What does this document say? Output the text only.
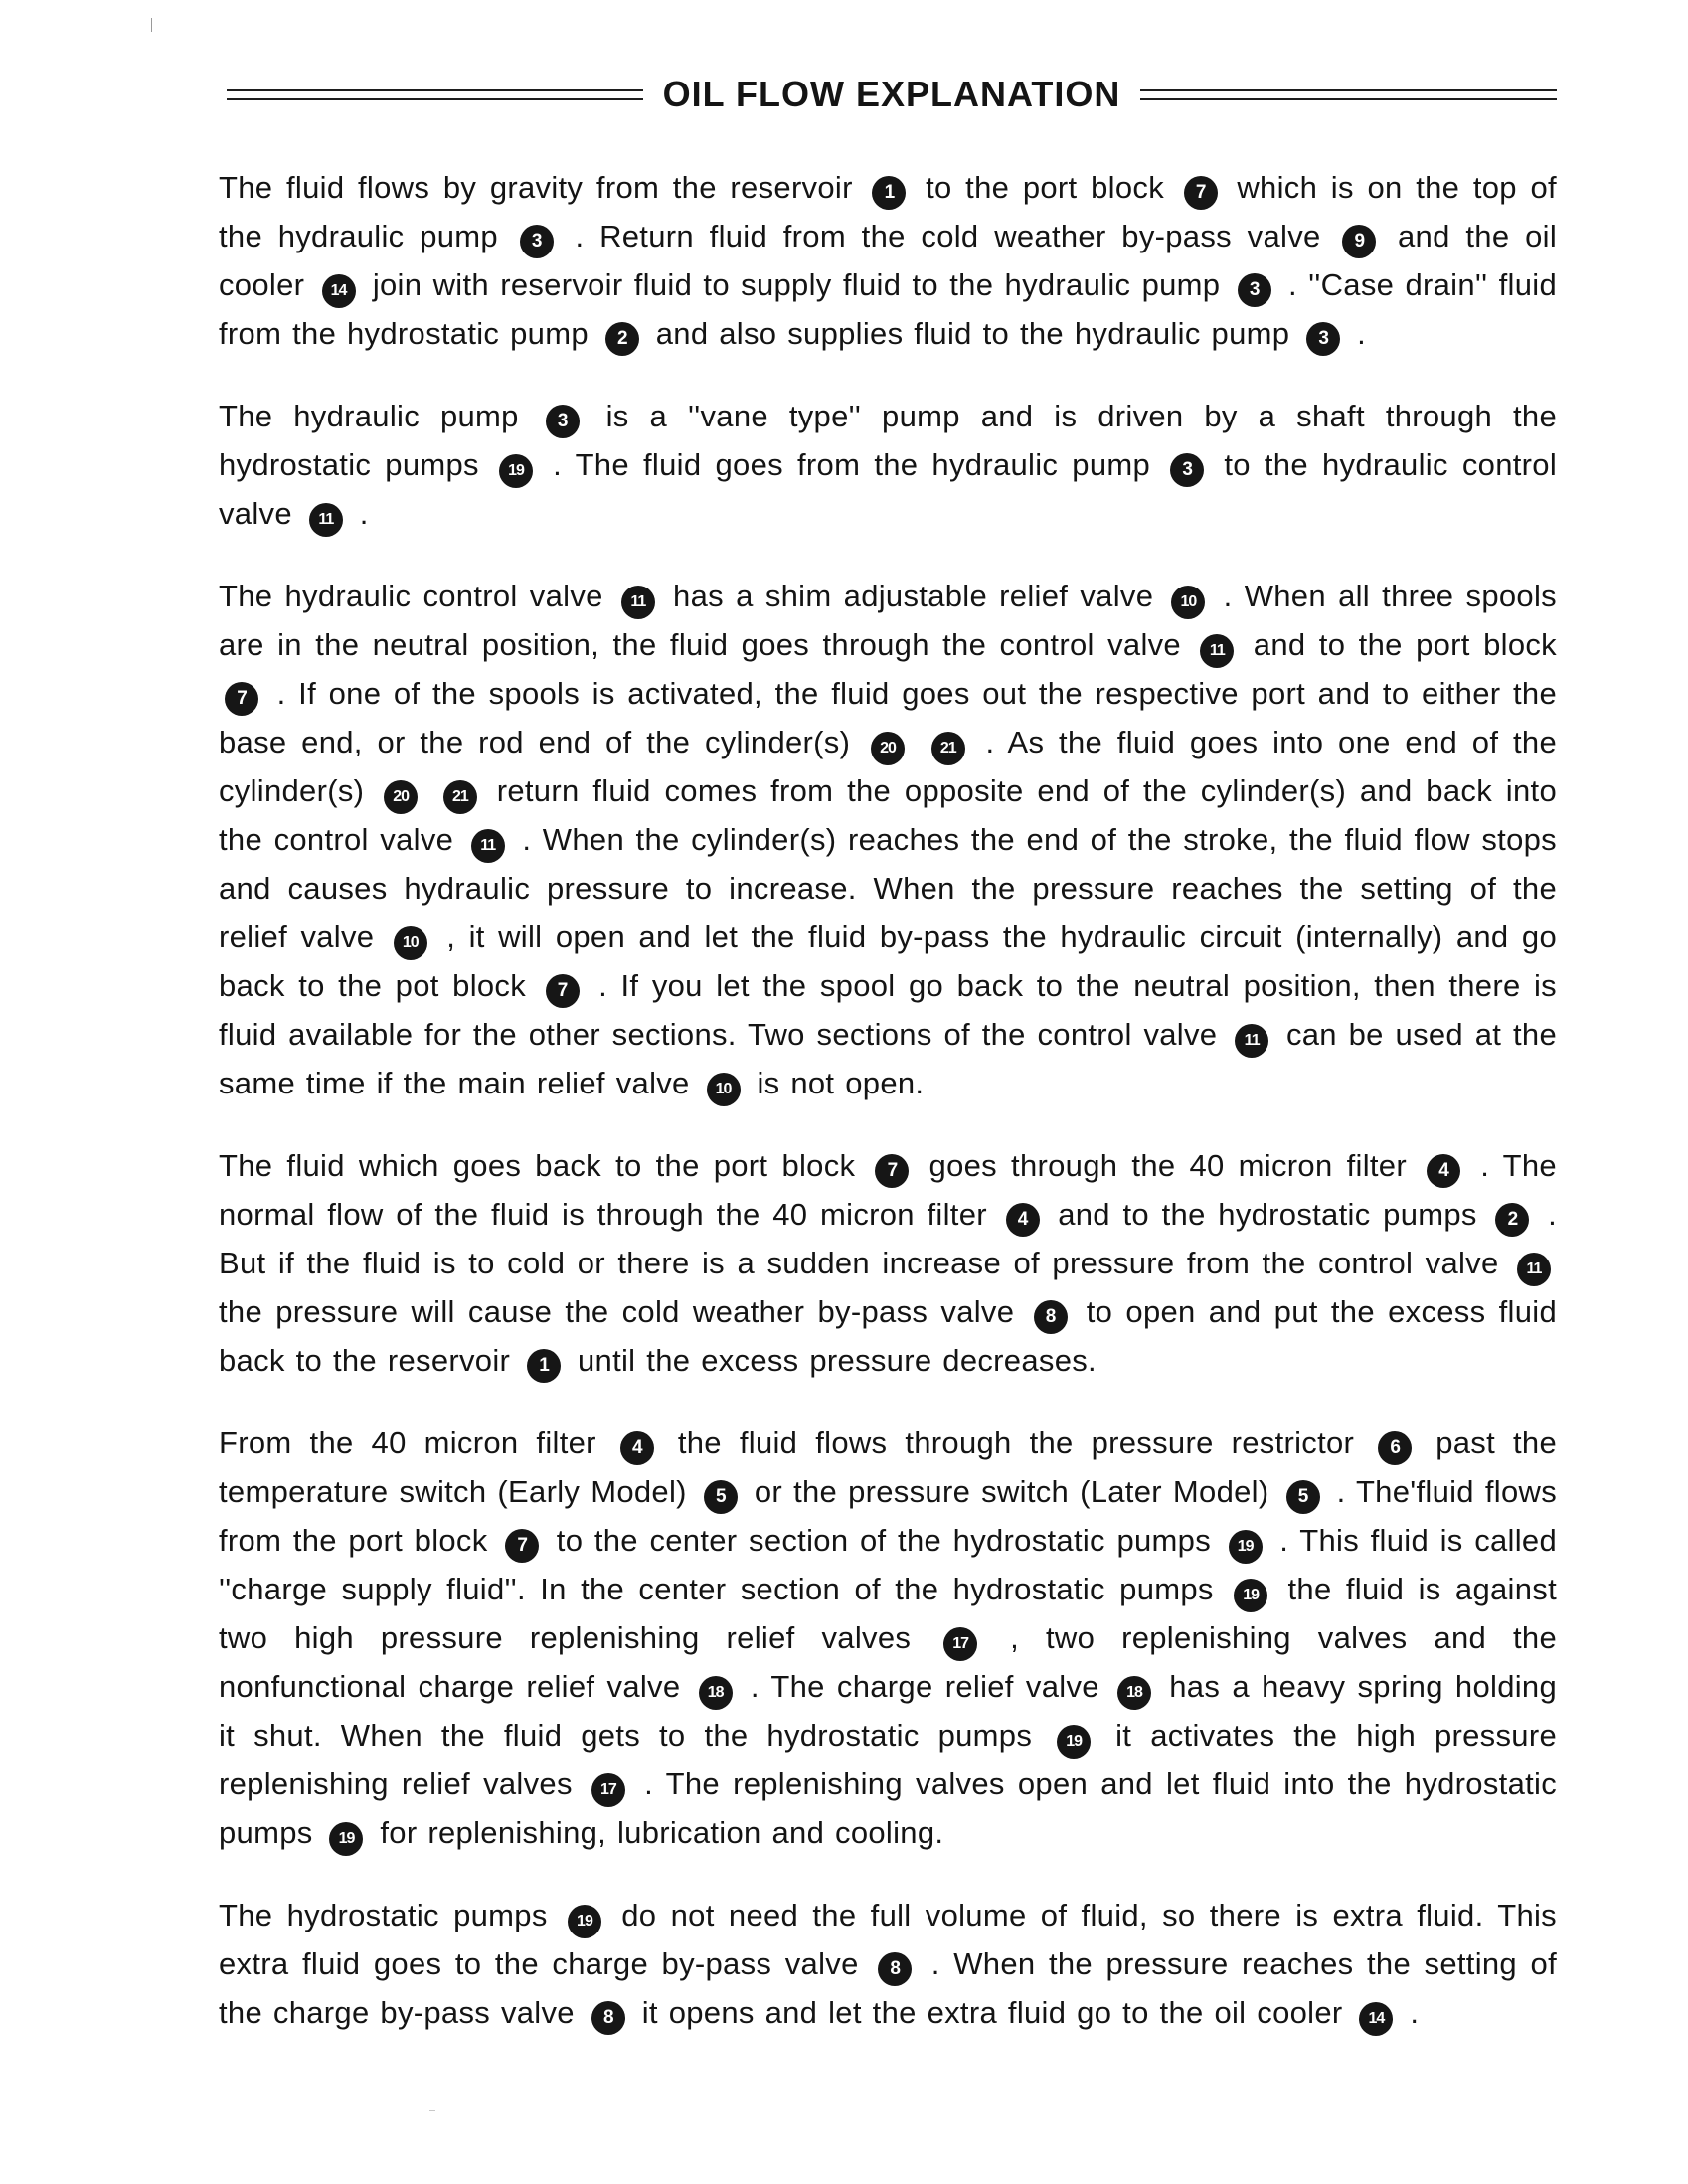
OIL FLOW EXPLANATION

The fluid flows by gravity from the reservoir 1 to the port block 7 which is on the top of the hydraulic pump 3 . Return fluid from the cold weather by-pass valve 9 and the oil cooler 14 join with reservoir fluid to supply fluid to the hydraulic pump 3 . ''Case drain'' fluid from the hydrostatic pump 2 and also supplies fluid to the hydraulic pump 3 .

The hydraulic pump 3 is a ''vane type'' pump and is driven by a shaft through the hydrostatic pumps 19 . The fluid goes from the hydraulic pump 3 to the hydraulic control valve 11 .

The hydraulic control valve 11 has a shim adjustable relief valve 10 . When all three spools are in the neutral position, the fluid goes through the control valve 11 and to the port block 7 . If one of the spools is activated, the fluid goes out the respective port and to either the base end, or the rod end of the cylinder(s) 20	21 . As the fluid goes into one end of the cylinder(s) 20	21 return fluid comes from the opposite end of the cylinder(s) and back into the control valve 11 . When the cylinder(s) reaches the end of the stroke, the fluid flow stops and causes hydraulic pressure to increase. When the pressure reaches the setting of the relief valve 10 , it will open and let the fluid by-pass the hydraulic circuit (internally) and go back to the pot block 7 . If you let the spool go back to the neutral position, then there is fluid available for the other sections. Two sections of the control valve 11 can be used at the same time if the main relief valve 10 is not open.

The fluid which goes back to the port block 7 goes through the 40 micron filter 4 . The normal flow of the fluid is through the 40 micron filter 4 and to the hydrostatic pumps 2 . But if the fluid is to cold or there is a sudden increase of pressure from the control valve 11 the pressure will cause the cold weather by-pass valve 8 to open and put the excess fluid back to the reservoir 1 until the excess pressure decreases.

From the 40 micron filter 4 the fluid flows through the pressure restrictor 6 past the temperature switch (Early Model) 5 or the pressure switch (Later Model) 5 . The'fluid flows from the port block 7 to the center section of the hydrostatic pumps 19 . This fluid is called ''charge supply fluid''. In the center section of the hydrostatic pumps 19 the fluid is against two high pressure replenishing relief valves	17 , two replenishing valves and the nonfunctional charge relief valve 18 . The charge relief valve 18 has a heavy spring holding it shut. When the fluid gets to the hydrostatic pumps 19 it activates the high pressure replenishing relief valves 17 . The replenishing valves open and let fluid into the hydrostatic pumps 19 for replenishing, lubrication and cooling.

The hydrostatic pumps 19 do not need the full volume of fluid, so there is extra fluid. This extra fluid goes to the charge by-pass valve 8 . When the pressure reaches the setting of the charge by-pass valve 8 it opens and let the extra fluid go to the oil cooler 14 .
